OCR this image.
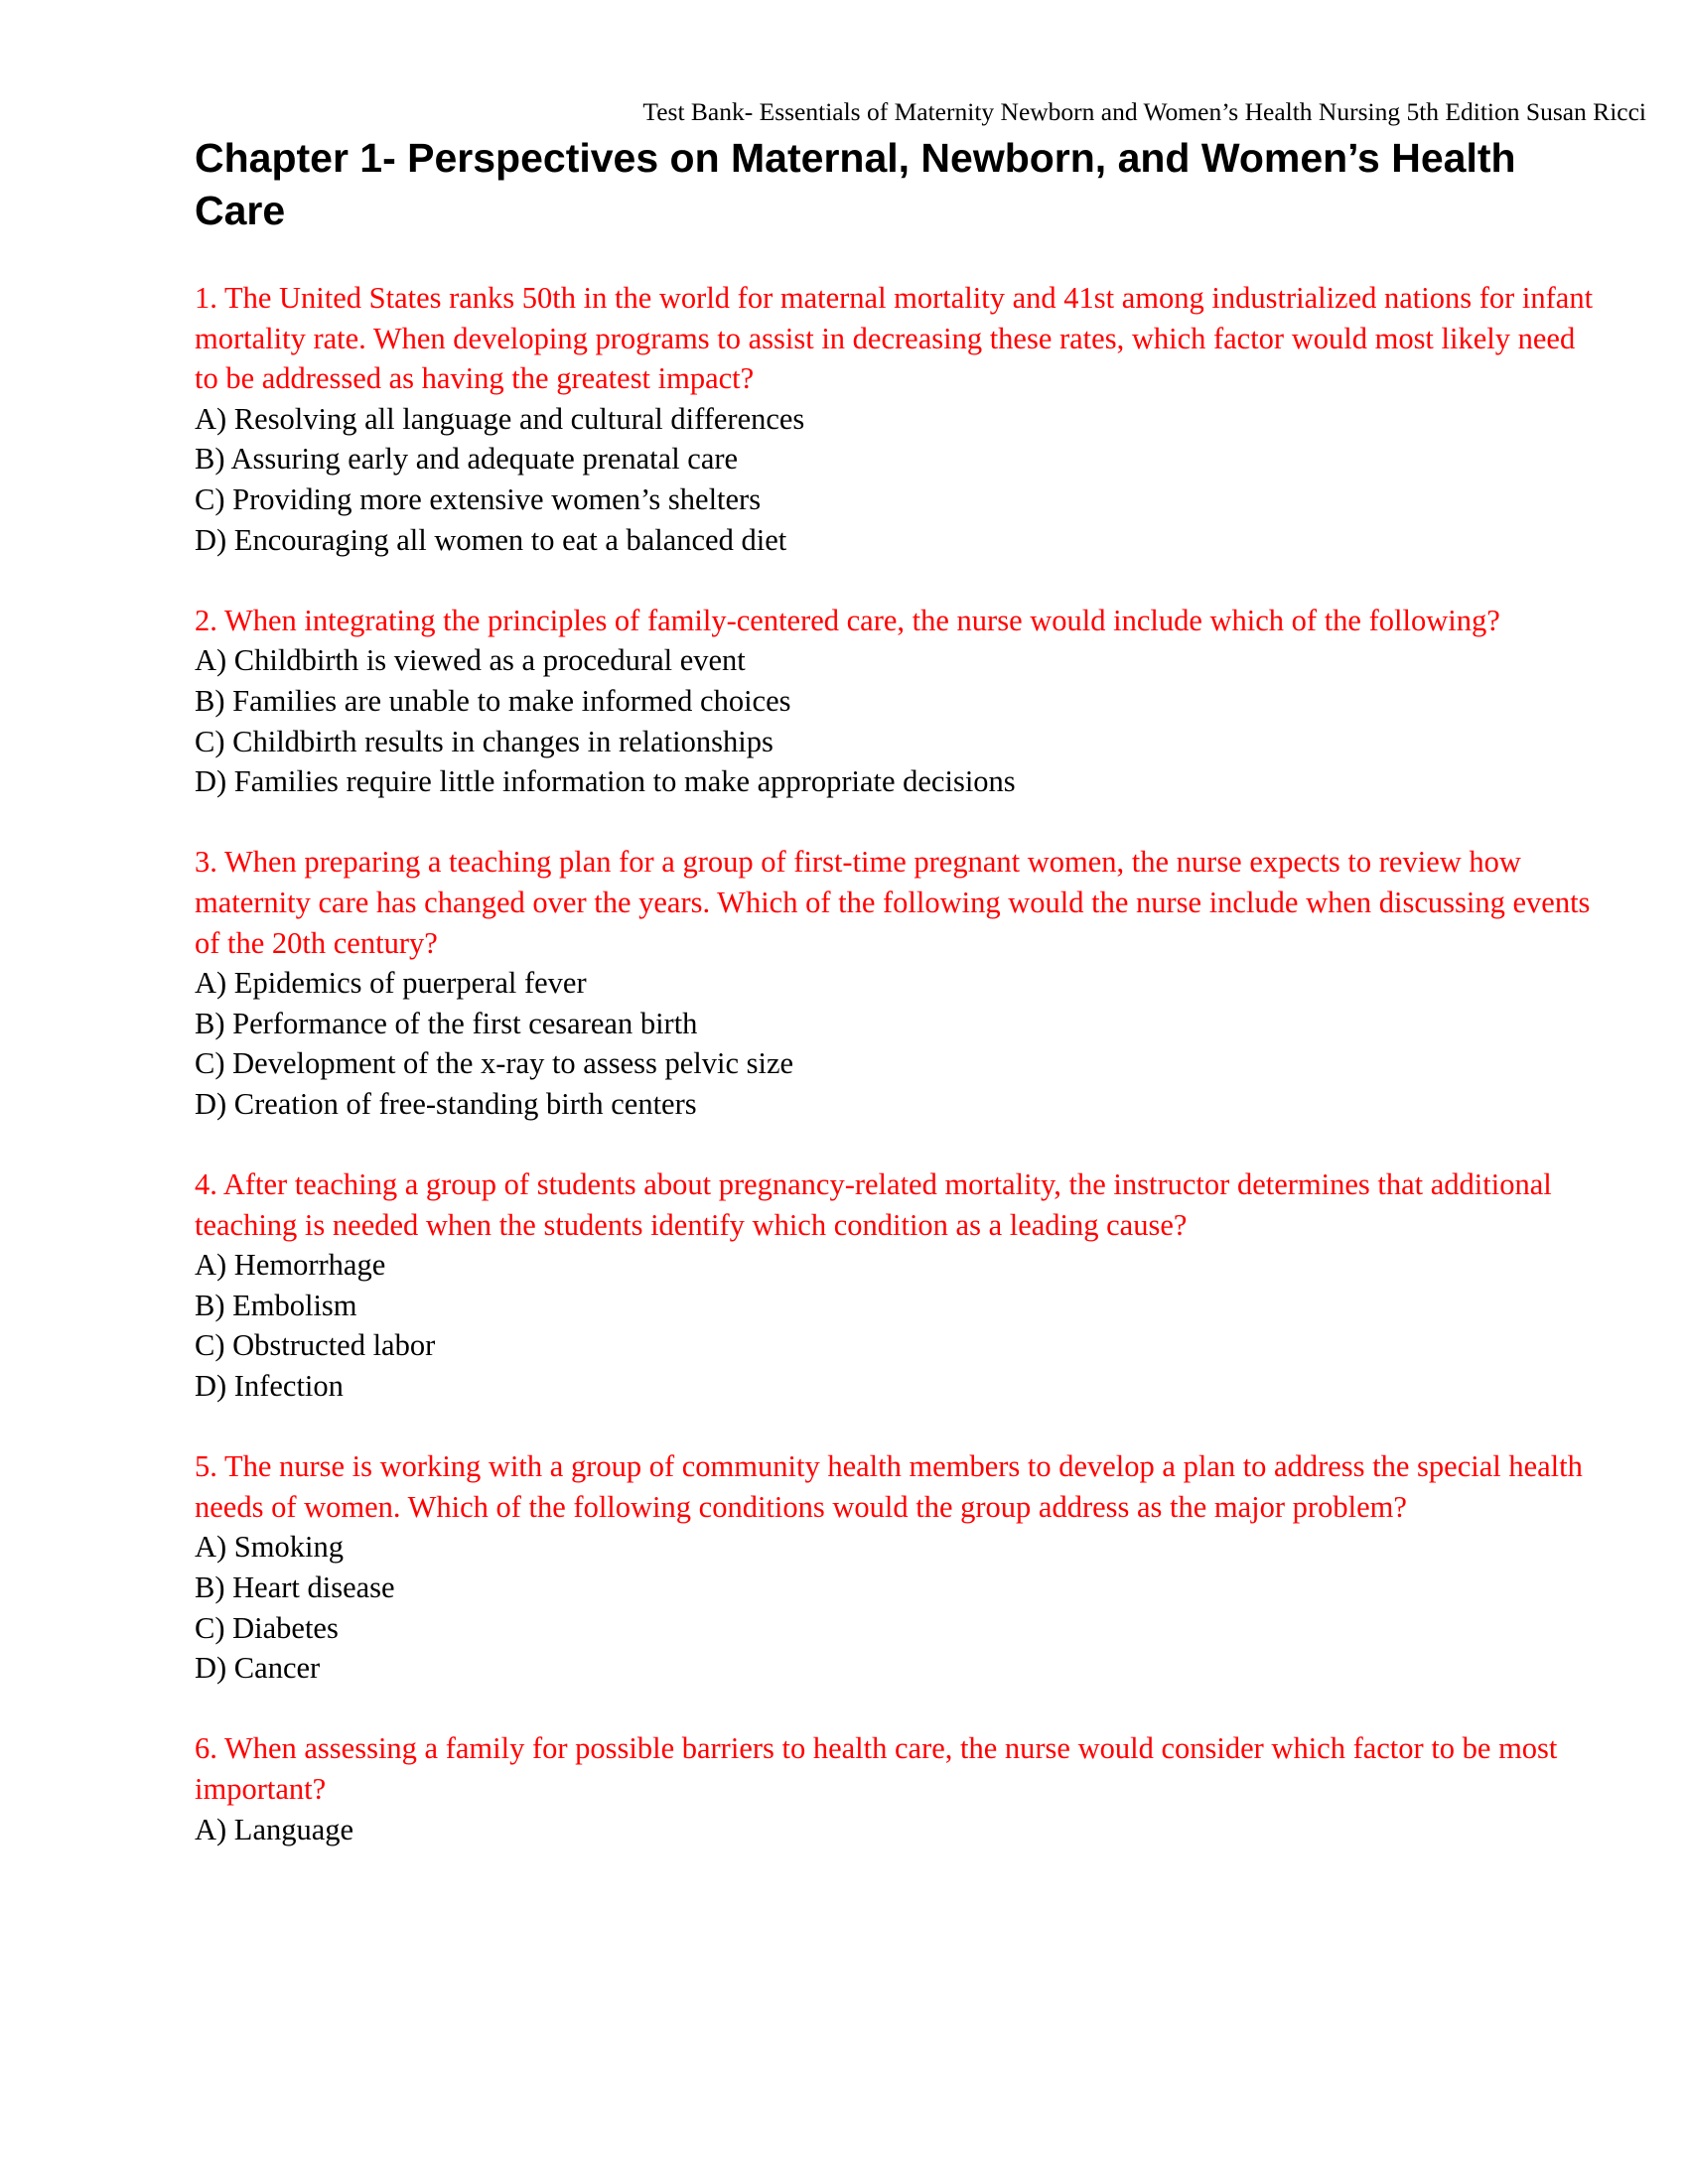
Test Bank- Essentials of Maternity Newborn and Women’s Health Nursing 5th Edition Susan Ricci
Chapter 1- Perspectives on Maternal, Newborn, and Women’s Health Care

1. The United States ranks 50th in the world for maternal mortality and 41st among industrialized nations for infant mortality rate. When developing programs to assist in decreasing these rates, which factor would most likely need to be addressed as having the greatest impact?

A) Resolving all language and cultural differences
B) Assuring early and adequate prenatal care
C) Providing more extensive women’s shelters
D) Encouraging all women to eat a balanced diet

2. When integrating the principles of family-centered care, the nurse would include which of the following?

A) Childbirth is viewed as a procedural event
B) Families are unable to make informed choices
C) Childbirth results in changes in relationships
D) Families require little information to make appropriate decisions

3. When preparing a teaching plan for a group of first-time pregnant women, the nurse expects to review how maternity care has changed over the years. Which of the following would the nurse include when discussing events of the 20th century?

A) Epidemics of puerperal fever
B) Performance of the first cesarean birth
C) Development of the x-ray to assess pelvic size
D) Creation of free-standing birth centers

4. After teaching a group of students about pregnancy-related mortality, the instructor determines that additional teaching is needed when the students identify which condition as a leading cause?

A) Hemorrhage
B) Embolism
C) Obstructed labor
D) Infection

5. The nurse is working with a group of community health members to develop a plan to address the special health needs of women. Which of the following conditions would the group address as the major problem?

A) Smoking
B) Heart disease
C) Diabetes
D) Cancer

6. When assessing a family for possible barriers to health care, the nurse would consider which factor to be most important?

A) Language
